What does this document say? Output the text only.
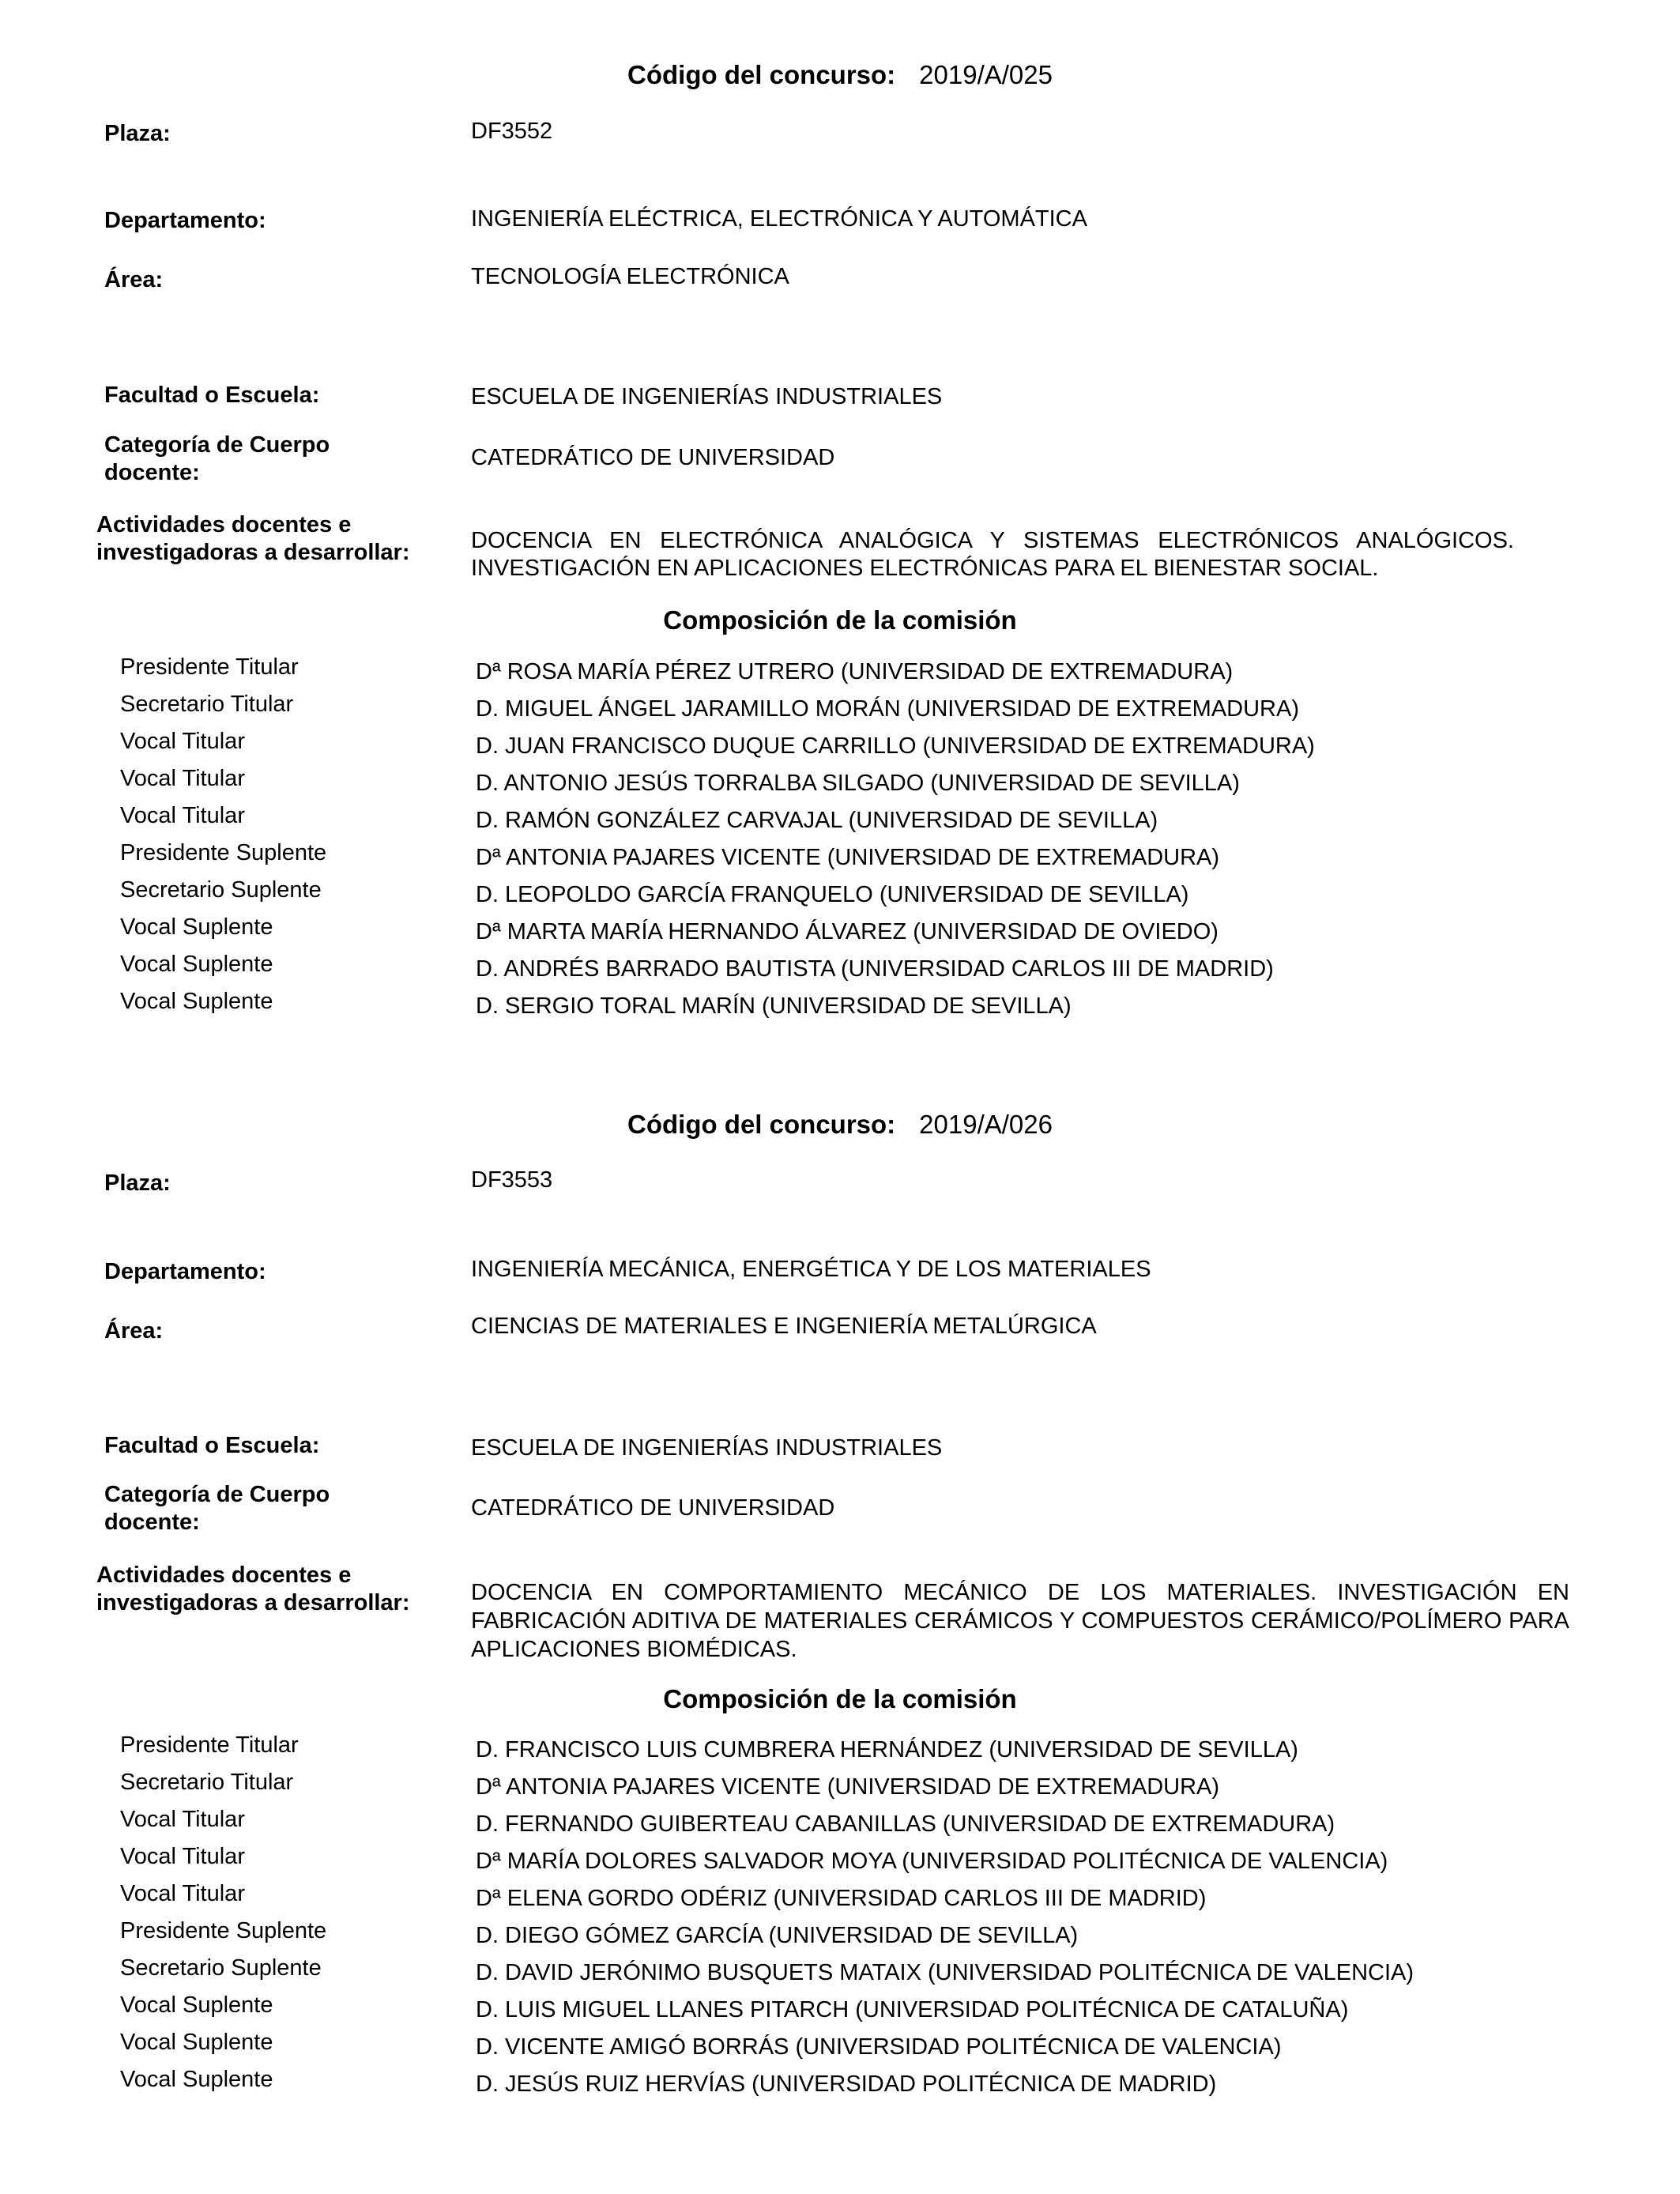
Código del concurso: 2019/A/025
Plaza:	DF3552
Departamento:	INGENIERÍA ELÉCTRICA, ELECTRÓNICA Y AUTOMÁTICA
Área:	TECNOLOGÍA ELECTRÓNICA
Facultad o Escuela:	ESCUELA DE INGENIERÍAS INDUSTRIALES
Categoría de Cuerpo
docente:
CATEDRÁTICO DE UNIVERSIDAD
Actividades docentes e
investigadoras a desarrollar:	DOCENCIA EN ELECTRÓNICA ANALÓGICA Y SISTEMAS ELECTRÓNICOS ANALÓGICOS. INVESTIGACIÓN EN APLICACIONES ELECTRÓNICAS PARA EL BIENESTAR SOCIAL.
Composición de la comisión
Presidente Titular	Dª ROSA MARÍA PÉREZ UTRERO (UNIVERSIDAD DE EXTREMADURA)
Secretario Titular	D. MIGUEL ÁNGEL JARAMILLO MORÁN (UNIVERSIDAD DE EXTREMADURA)
Vocal Titular	D. JUAN FRANCISCO DUQUE CARRILLO (UNIVERSIDAD DE EXTREMADURA)
Vocal Titular	D. ANTONIO JESÚS TORRALBA SILGADO (UNIVERSIDAD DE SEVILLA)
Vocal Titular	D. RAMÓN GONZÁLEZ CARVAJAL (UNIVERSIDAD DE SEVILLA)
Presidente Suplente	Dª ANTONIA PAJARES VICENTE (UNIVERSIDAD DE EXTREMADURA)
Secretario Suplente	D. LEOPOLDO GARCÍA FRANQUELO (UNIVERSIDAD DE SEVILLA)
Vocal Suplente	Dª MARTA MARÍA HERNANDO ÁLVAREZ (UNIVERSIDAD DE OVIEDO)
Vocal Suplente	D. ANDRÉS BARRADO BAUTISTA (UNIVERSIDAD CARLOS III DE MADRID)
Vocal Suplente	D. SERGIO TORAL MARÍN (UNIVERSIDAD DE SEVILLA)
Código del concurso: 2019/A/026
Plaza:	DF3553
Departamento:	INGENIERÍA MECÁNICA, ENERGÉTICA Y DE LOS MATERIALES
Área:	CIENCIAS DE MATERIALES E INGENIERÍA METALÚRGICA
Facultad o Escuela:	ESCUELA DE INGENIERÍAS INDUSTRIALES
Categoría de Cuerpo
docente:
CATEDRÁTICO DE UNIVERSIDAD
Actividades docentes e
investigadoras a desarrollar:	DOCENCIA EN COMPORTAMIENTO MECÁNICO DE LOS MATERIALES. INVESTIGACIÓN EN FABRICACIÓN ADITIVA DE MATERIALES CERÁMICOS Y COMPUESTOS CERÁMICO/POLÍMERO PARA APLICACIONES BIOMÉDICAS.
Composición de la comisión
Presidente Titular	D. FRANCISCO LUIS CUMBRERA HERNÁNDEZ (UNIVERSIDAD DE SEVILLA)
Secretario Titular	Dª ANTONIA PAJARES VICENTE (UNIVERSIDAD DE EXTREMADURA)
Vocal Titular	D. FERNANDO GUIBERTEAU CABANILLAS (UNIVERSIDAD DE EXTREMADURA)
Vocal Titular	Dª MARÍA DOLORES SALVADOR MOYA (UNIVERSIDAD POLITÉCNICA DE VALENCIA)
Vocal Titular	Dª ELENA GORDO ODÉRIZ (UNIVERSIDAD CARLOS III DE MADRID)
Presidente Suplente	D. DIEGO GÓMEZ GARCÍA (UNIVERSIDAD DE SEVILLA)
Secretario Suplente	D. DAVID JERÓNIMO BUSQUETS MATAIX (UNIVERSIDAD POLITÉCNICA DE VALENCIA)
Vocal Suplente	D. LUIS MIGUEL LLANES PITARCH (UNIVERSIDAD POLITÉCNICA DE CATALUÑA)
Vocal Suplente	D. VICENTE AMIGÓ BORRÁS (UNIVERSIDAD POLITÉCNICA DE VALENCIA)
Vocal Suplente	D. JESÚS RUIZ HERVÍAS (UNIVERSIDAD POLITÉCNICA DE MADRID)
